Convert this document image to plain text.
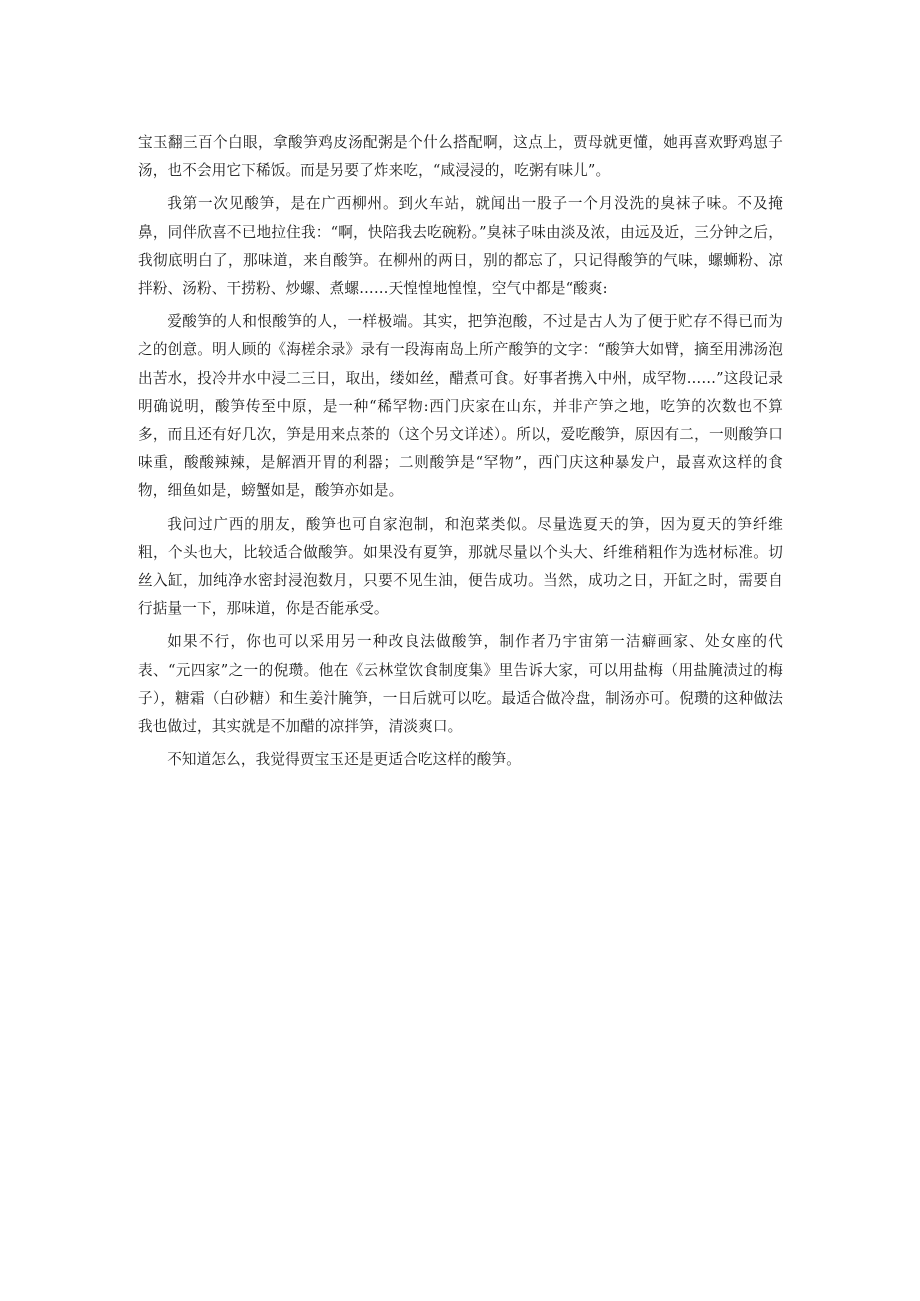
宝玉翻三百个白眼，拿酸笋鸡皮汤配粥是个什么搭配啊，这点上，贾母就更懂，她再喜欢野鸡崽子汤，也不会用它下稀饭。而是另要了炸来吃，“咸浸浸的，吃粥有味儿”。

我第一次见酸笋，是在广西柳州。到火车站，就闻出一股子一个月没洗的臭袜子味。不及掩鼻，同伴欣喜不已地拉住我：“啊，快陪我去吃碗粉。”臭袜子味由淡及浓，由远及近，三分钟之后，我彻底明白了，那味道，来自酸笋。在柳州的两日，别的都忘了，只记得酸笋的气味，螺蛳粉、凉拌粉、汤粉、干捞粉、炒螺、煮螺……天惶惶地惶惶，空气中都是“酸爽:

爱酸笋的人和恨酸笋的人，一样极端。其实，把笋泡酸，不过是古人为了便于贮存不得已而为之的创意。明人顾的《海槎余录》录有一段海南岛上所产酸笋的文字：“酸笋大如臂，摘至用沸汤泡出苦水，投冷井水中浸二三日，取出，缕如丝，醋煮可食。好事者携入中州，成罕物……”这段记录明确说明，酸笋传至中原，是一种“稀罕物:西门庆家在山东，并非产笋之地，吃笋的次数也不算多，而且还有好几次，笋是用来点茶的（这个另文详述）。所以，爱吃酸笋，原因有二，一则酸笋口味重，酸酸辣辣，是解酒开胃的利器；二则酸笋是“罕物”，西门庆这种暴发户，最喜欢这样的食物，细鱼如是，螃蟹如是，酸笋亦如是。

我问过广西的朋友，酸笋也可自家泡制，和泡菜类似。尽量选夏天的笋，因为夏天的笋纤维粗，个头也大，比较适合做酸笋。如果没有夏笋，那就尽量以个头大、纤维稍粗作为选材标准。切丝入缸，加纯净水密封浸泡数月，只要不见生油，便告成功。当然，成功之日，开缸之时，需要自行掂量一下，那味道，你是否能承受。

如果不行，你也可以采用另一种改良法做酸笋，制作者乃宇宙第一洁癖画家、处女座的代表、“元四家”之一的倪瓒。他在《云林堂饮食制度集》里告诉大家，可以用盐梅（用盐腌渍过的梅子），糖霜（白砂糖）和生姜汁腌笋，一日后就可以吃。最适合做冷盘，制汤亦可。倪瓒的这种做法我也做过，其实就是不加醋的凉拌笋，清淡爽口。

不知道怎么，我觉得贾宝玉还是更适合吃这样的酸笋。
